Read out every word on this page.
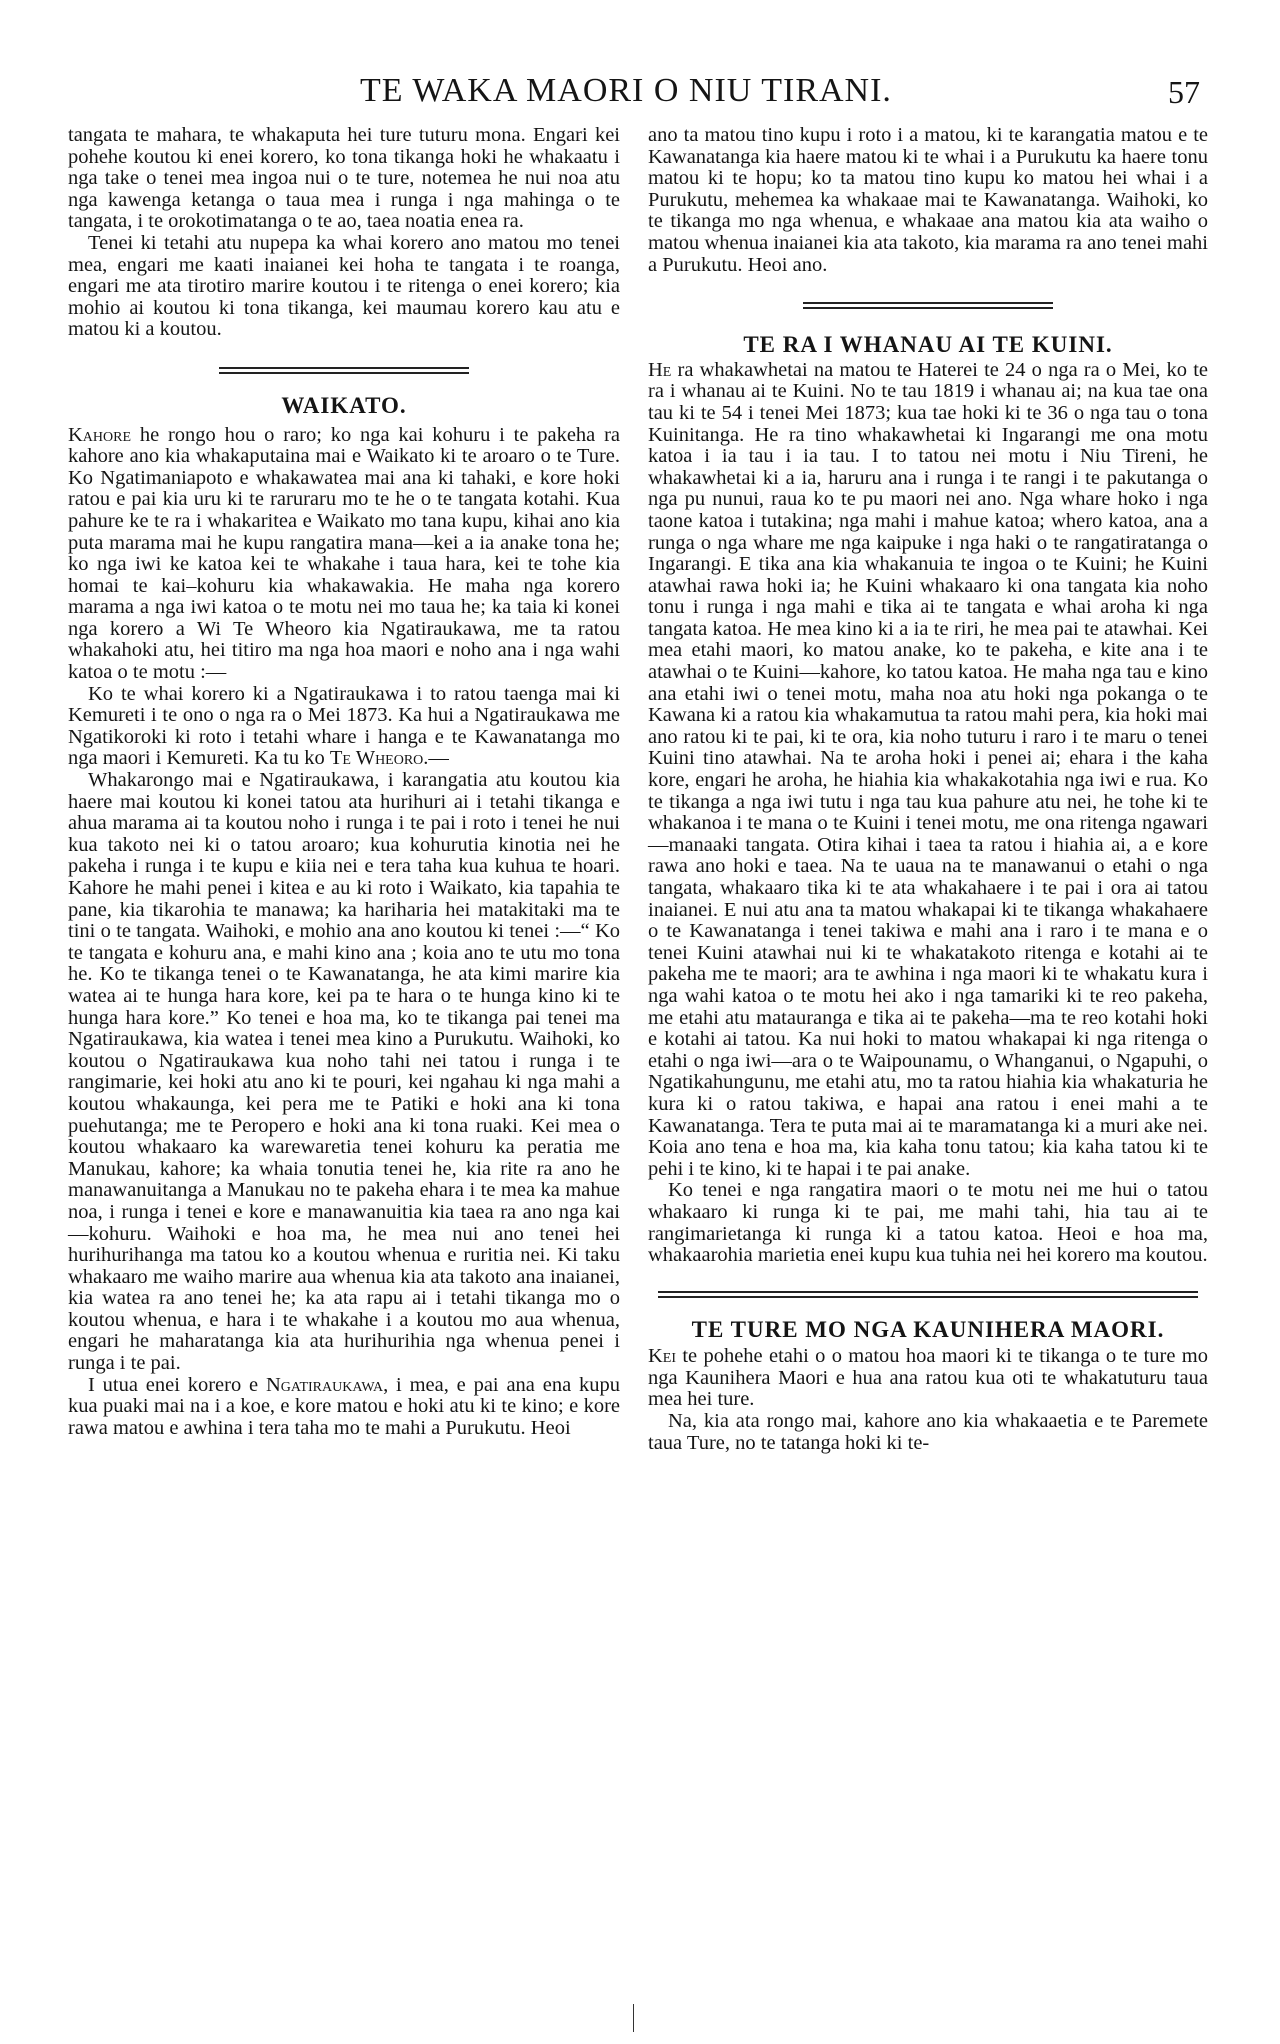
TE WAKA MAORI O NIU TIRANI.	57

tangata te mahara, te whakaputa hei ture tuturu mona. Engari kei pohehe koutou ki enei korero, ko tona tikanga hoki he whakaatu i nga take o tenei mea ingoa nui o te ture, notemea he nui noa atu nga kawenga ketanga o taua mea i runga i nga mahinga o te tangata, i te orokotimatanga o te ao, taea noatia enea ra.

Tenei ki tetahi atu nupepa ka whai korero ano matou mo tenei mea, engari me kaati inaianei kei hoha te tangata i te roanga, engari me ata tirotiro marire koutou i te ritenga o enei korero; kia mohio ai koutou ki tona tikanga, kei maumau korero kau atu e matou ki a koutou.

WAIKATO.

Kahore he rongo hou o raro; ko nga kai kohuru i te pakeha ra kahore ano kia whakaputaina mai e Waikato ki te aroaro o te Ture. Ko Ngatimaniapoto e whakawatea mai ana ki tahaki, e kore hoki ratou e pai kia uru ki te raruraru mo te he o te tangata kotahi. Kua pahure ke te ra i whakaritea e Waikato mo tana kupu, kihai ano kia puta marama mai he kupu rangatira mana—kei a ia anake tona he; ko nga iwi ke katoa kei te whakahe i taua hara, kei te tohe kia homai te kai–kohuru kia whakawakia. He maha nga korero marama a nga iwi katoa o te motu nei mo taua he; ka taia ki konei nga korero a Wi Te Wheoro kia Ngatiraukawa, me ta ratou whakahoki atu, hei titiro ma nga hoa maori e noho ana i nga wahi katoa o te motu :—

Ko te whai korero ki a Ngatiraukawa i to ratou taenga mai ki Kemureti i te ono o nga ra o Mei 1873. Ka hui a Ngatiraukawa me Ngatikoroki ki roto i tetahi whare i hanga e te Kawanatanga mo nga maori i Kemureti. Ka tu ko Te Wheoro.—

Whakarongo mai e Ngatiraukawa, i karangatia atu koutou kia haere mai koutou ki konei tatou ata hurihuri ai i tetahi tikanga e ahua marama ai ta koutou noho i runga i te pai i roto i tenei he nui kua takoto nei ki o tatou aroaro; kua kohurutia kinotia nei he pakeha i runga i te kupu e kiia nei e tera taha kua kuhua te hoari. Kahore he mahi penei i kitea e au ki roto i Waikato, kia tapahia te pane, kia tikarohia te manawa; ka hariharia hei matakitaki ma te tini o te tangata. Waihoki, e mohio ana ano koutou ki tenei :—“ Ko te tangata e kohuru ana, e mahi kino ana ; koia ano te utu mo tona he. Ko te tikanga tenei o te Kawanatanga, he ata kimi marire kia watea ai te hunga hara kore, kei pa te hara o te hunga kino ki te hunga hara kore.” Ko tenei e hoa ma, ko te tikanga pai tenei ma Ngatiraukawa, kia watea i tenei mea kino a Purukutu. Waihoki, ko koutou o Ngatiraukawa kua noho tahi nei tatou i runga i te rangimarie, kei hoki atu ano ki te pouri, kei ngahau ki nga mahi a koutou whakaunga, kei pera me te Patiki e hoki ana ki tona puehutanga; me te Peropero e hoki ana ki tona ruaki. Kei mea o koutou whakaaro ka warewaretia tenei kohuru ka peratia me Manukau, kahore; ka whaia tonutia tenei he, kia rite ra ano he manawanuitanga a Manukau no te pakeha ehara i te mea ka mahue noa, i runga i tenei e kore e manawanuitia kia taea ra ano nga kai—kohuru. Waihoki e hoa ma, he mea nui ano tenei hei hurihurihanga ma tatou ko a koutou whenua e ruritia nei. Ki taku whakaaro me waiho marire aua whenua kia ata takoto ana inaianei, kia watea ra ano tenei he; ka ata rapu ai i tetahi tikanga mo o koutou whenua, e hara i te whakahe i a koutou mo aua whenua, engari he maharatanga kia ata hurihurihia nga whenua penei i runga i te pai.

I utua enei korero e Ngatiraukawa, i mea, e pai ana ena kupu kua puaki mai na i a koe, e kore matou e hoki atu ki te kino; e kore rawa matou e awhina i tera taha mo te mahi a Purukutu. Heoi

ano ta matou tino kupu i roto i a matou, ki te karangatia matou e te Kawanatanga kia haere matou ki te whai i a Purukutu ka haere tonu matou ki te hopu; ko ta matou tino kupu ko matou hei whai i a Purukutu, mehemea ka whakaae mai te Kawanatanga. Waihoki, ko te tikanga mo nga whenua, e whakaae ana matou kia ata waiho o matou whenua inaianei kia ata takoto, kia marama ra ano tenei mahi a Purukutu. Heoi ano.

TE RA I WHANAU AI TE KUINI.

He ra whakawhetai na matou te Haterei te 24 o nga ra o Mei, ko te ra i whanau ai te Kuini. No te tau 1819 i whanau ai; na kua tae ona tau ki te 54 i tenei Mei 1873; kua tae hoki ki te 36 o nga tau o tona Kuinitanga. He ra tino whakawhetai ki Ingarangi me ona motu katoa i ia tau i ia tau. I to tatou nei motu i Niu Tireni, he whakawhetai ki a ia, haruru ana i runga i te rangi i te pakutanga o nga pu nunui, raua ko te pu maori nei ano. Nga whare hoko i nga taone katoa i tutakina; nga mahi i mahue katoa; whero katoa, ana a runga o nga whare me nga kaipuke i nga haki o te rangatiratanga o Ingarangi. E tika ana kia whakanuia te ingoa o te Kuini; he Kuini atawhai rawa hoki ia; he Kuini whakaaro ki ona tangata kia noho tonu i runga i nga mahi e tika ai te tangata e whai aroha ki nga tangata katoa. He mea kino ki a ia te riri, he mea pai te atawhai. Kei mea etahi maori, ko matou anake, ko te pakeha, e kite ana i te atawhai o te Kuini—kahore, ko tatou katoa. He maha nga tau e kino ana etahi iwi o tenei motu, maha noa atu hoki nga pokanga o te Kawana ki a ratou kia whakamutua ta ratou mahi pera, kia hoki mai ano ratou ki te pai, ki te ora, kia noho tuturu i raro i te maru o tenei Kuini tino atawhai. Na te aroha hoki i penei ai; ehara i the kaha kore, engari he aroha, he hiahia kia whakakotahia nga iwi e rua. Ko te tikanga a nga iwi tutu i nga tau kua pahure atu nei, he tohe ki te whakanoa i te mana o te Kuini i tenei motu, me ona ritenga ngawari—manaaki tangata. Otira kihai i taea ta ratou i hiahia ai, a e kore rawa ano hoki e taea. Na te uaua na te manawanui o etahi o nga tangata, whakaaro tika ki te ata whakahaere i te pai i ora ai tatou inaianei. E nui atu ana ta matou whakapai ki te tikanga whakahaere o te Kawanatanga i tenei takiwa e mahi ana i raro i te mana e o tenei Kuini atawhai nui ki te whakatakoto ritenga e kotahi ai te pakeha me te maori; ara te awhina i nga maori ki te whakatu kura i nga wahi katoa o te motu hei ako i nga tamariki ki te reo pakeha, me etahi atu matauranga e tika ai te pakeha—ma te reo kotahi hoki e kotahi ai tatou. Ka nui hoki to matou whakapai ki nga ritenga o etahi o nga iwi—ara o te Waipounamu, o Whanganui, o Ngapuhi, o Ngatikahungunu, me etahi atu, mo ta ratou hiahia kia whakaturia he kura ki o ratou takiwa, e hapai ana ratou i enei mahi a te Kawanatanga. Tera te puta mai ai te maramatanga ki a muri ake nei. Koia ano tena e hoa ma, kia kaha tonu tatou; kia kaha tatou ki te pehi i te kino, ki te hapai i te pai anake.

Ko tenei e nga rangatira maori o te motu nei me hui o tatou whakaaro ki runga ki te pai, me mahi tahi, hia tau ai te rangimarietanga ki runga ki a tatou katoa. Heoi e hoa ma, whakaarohia marietia enei kupu kua tuhia nei hei korero ma koutou.

TE TURE MO NGA KAUNIHERA MAORI.

Kei te pohehe etahi o o matou hoa maori ki te tikanga o te ture mo nga Kaunihera Maori e hua ana ratou kua oti te whakatuturu taua mea hei ture.

Na, kia ata rongo mai, kahore ano kia whakaaetia e te Paremete taua Ture, no te tatanga hoki ki te-
